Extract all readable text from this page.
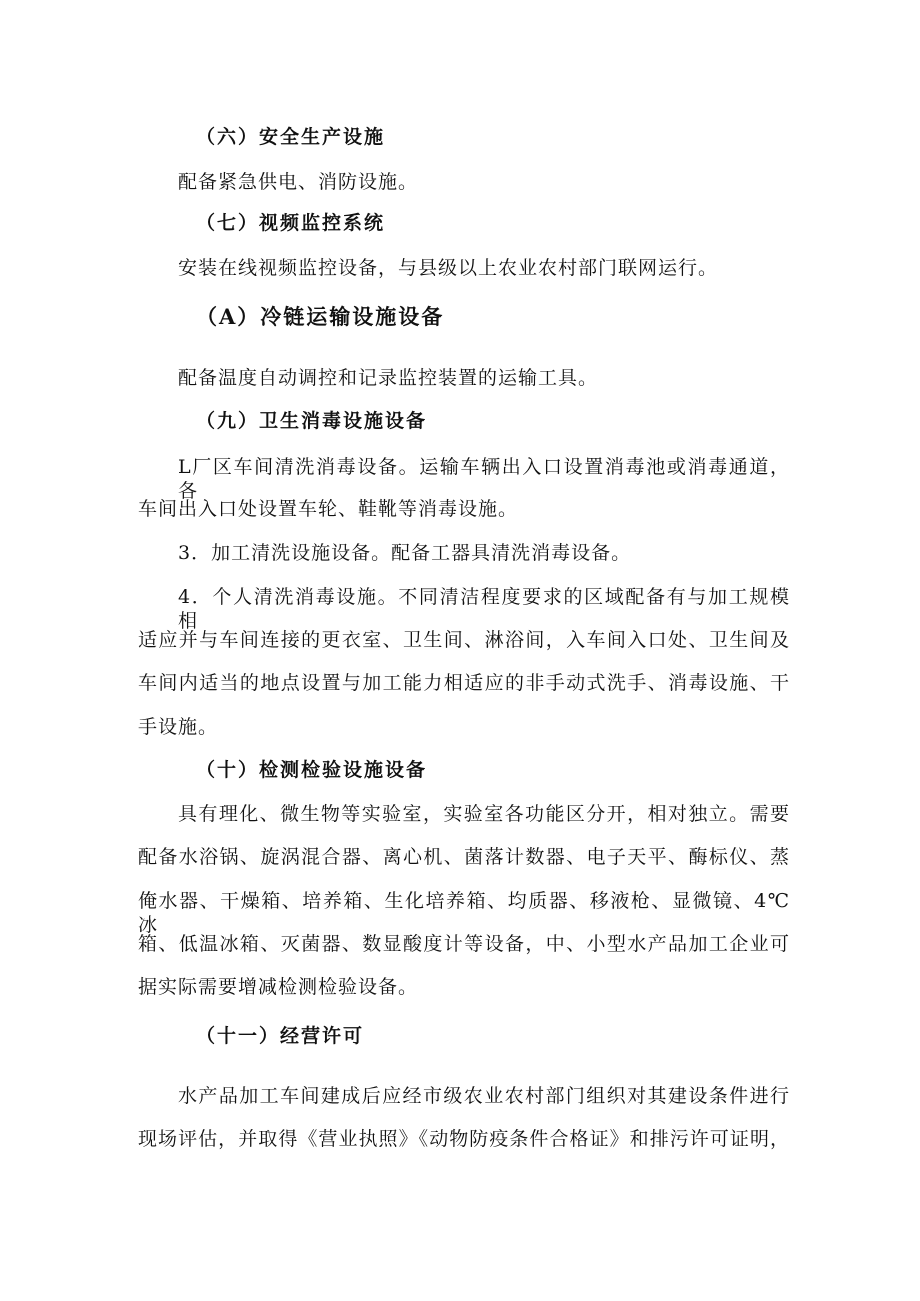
（六）安全生产设施
配备紧急供电、消防设施。
（七）视频监控系统
安装在线视频监控设备，与县级以上农业农村部门联网运行。
（A）冷链运输设施设备
配备温度自动调控和记录监控装置的运输工具。
（九）卫生消毒设施设备
L厂区车间清洗消毒设备。运输车辆出入口设置消毒池或消毒通道，各
车间出入口处设置车轮、鞋靴等消毒设施。
3．加工清洗设施设备。配备工器具清洗消毒设备。
4．个人清洗消毒设施。不同清洁程度要求的区域配备有与加工规模相
适应并与车间连接的更衣室、卫生间、淋浴间，入车间入口处、卫生间及
车间内适当的地点设置与加工能力相适应的非手动式洗手、消毒设施、干
手设施。
（十）检测检验设施设备
具有理化、微生物等实验室，实验室各功能区分开，相对独立。需要
配备水浴锅、旋涡混合器、离心机、菌落计数器、电子天平、酶标仪、蒸
俺水器、干燥箱、培养箱、生化培养箱、均质器、移液枪、显微镜、4℃冰
箱、低温冰箱、灭菌器、数显酸度计等设备，中、小型水产品加工企业可
据实际需要增减检测检验设备。
（十一）经营许可
水产品加工车间建成后应经市级农业农村部门组织对其建设条件进行
现场评估，并取得《营业执照》《动物防疫条件合格证》和排污许可证明，
